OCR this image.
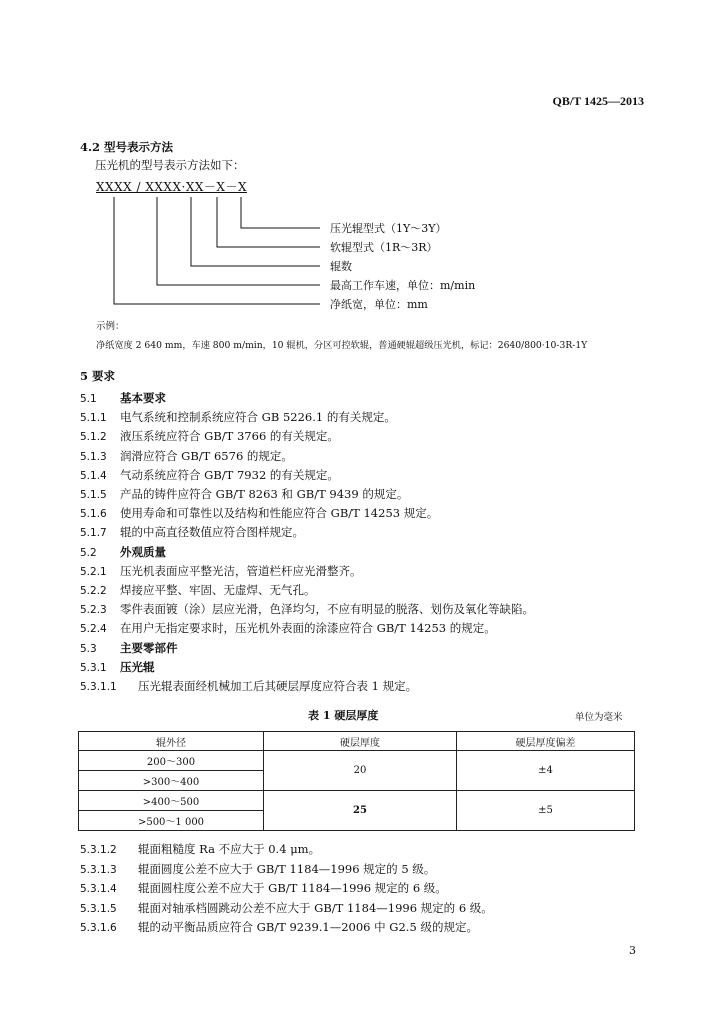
QB/T 1425—2013
4.2 型号表示方法
压光机的型号表示方法如下：
XXXX / XXXX·XX－X－X
压光辊型式（1Y～3Y）
软辊型式（1R～3R）
辊数
最高工作车速，单位：m/min
净纸宽，单位：mm
示例：
净纸宽度 2 640 mm，车速 800 m/min，10 辊机，分区可控软辊，普通硬辊超级压光机，标记：2640/800·10-3R-1Y
5 要求
5.1 基本要求
5.1.1 电气系统和控制系统应符合 GB 5226.1 的有关规定。
5.1.2 液压系统应符合 GB/T 3766 的有关规定。
5.1.3 润滑应符合 GB/T 6576 的规定。
5.1.4 气动系统应符合 GB/T 7932 的有关规定。
5.1.5 产品的铸件应符合 GB/T 8263 和 GB/T 9439 的规定。
5.1.6 使用寿命和可靠性以及结构和性能应符合 GB/T 14253 规定。
5.1.7 辊的中高直径数值应符合图样规定。
5.2 外观质量
5.2.1 压光机表面应平整光洁，管道栏杆应光滑整齐。
5.2.2 焊接应平整、牢固、无虚焊、无气孔。
5.2.3 零件表面镀（涂）层应光滑，色泽均匀，不应有明显的脱落、划伤及氧化等缺陷。
5.2.4 在用户无指定要求时，压光机外表面的涂漆应符合 GB/T 14253 的规定。
5.3 主要零部件
5.3.1 压光辊
5.3.1.1 压光辊表面经机械加工后其硬层厚度应符合表 1 规定。
表 1 硬层厚度	单位为毫米
辊外径	硬层厚度	硬层厚度偏差
200～300	20	±4
>300～400		
>400～500	25	±5
>500～1 000		
5.3.1.2 辊面粗糙度 Ra 不应大于 0.4 μm。
5.3.1.3 辊面圆度公差不应大于 GB/T 1184—1996 规定的 5 级。
5.3.1.4 辊面圆柱度公差不应大于 GB/T 1184—1996 规定的 6 级。
5.3.1.5 辊面对轴承档圆跳动公差不应大于 GB/T 1184—1996 规定的 6 级。
5.3.1.6 辊的动平衡品质应符合 GB/T 9239.1—2006 中 G2.5 级的规定。
3
